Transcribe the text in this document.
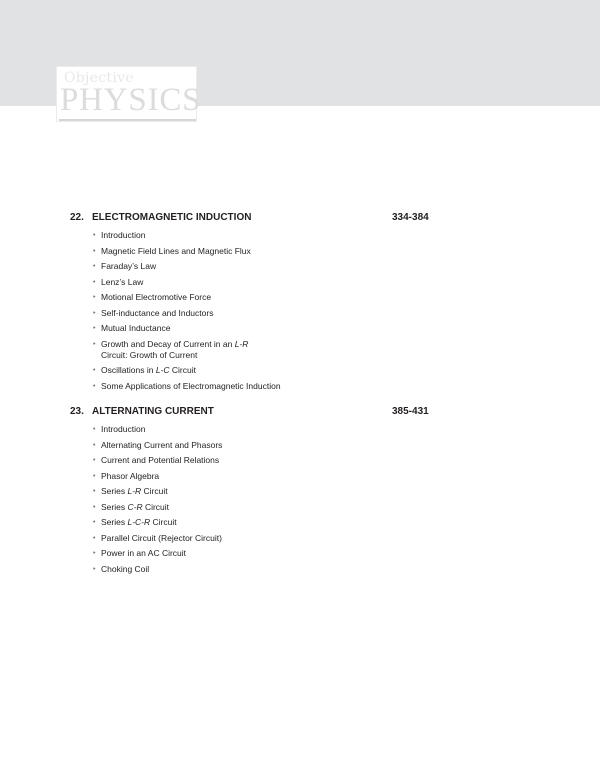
Objective
PHYSICS
22. ELECTROMAGNETIC INDUCTION	334-384
• Introduction
• Magnetic Field Lines and Magnetic Flux
• Faraday’s Law
• Lenz’s Law
• Motional Electromotive Force
• Self-inductance and Inductors
• Mutual Inductance
• Growth and Decay of Current in an L-R Circuit: Growth of Current
• Oscillations in L-C Circuit
• Some Applications of Electromagnetic Induction
23. ALTERNATING CURRENT	385-431
• Introduction
• Alternating Current and Phasors
• Current and Potential Relations
• Phasor Algebra
• Series L-R Circuit
• Series C-R Circuit
• Series L-C-R Circuit
• Parallel Circuit (Rejector Circuit)
• Power in an AC Circuit
• Choking Coil
